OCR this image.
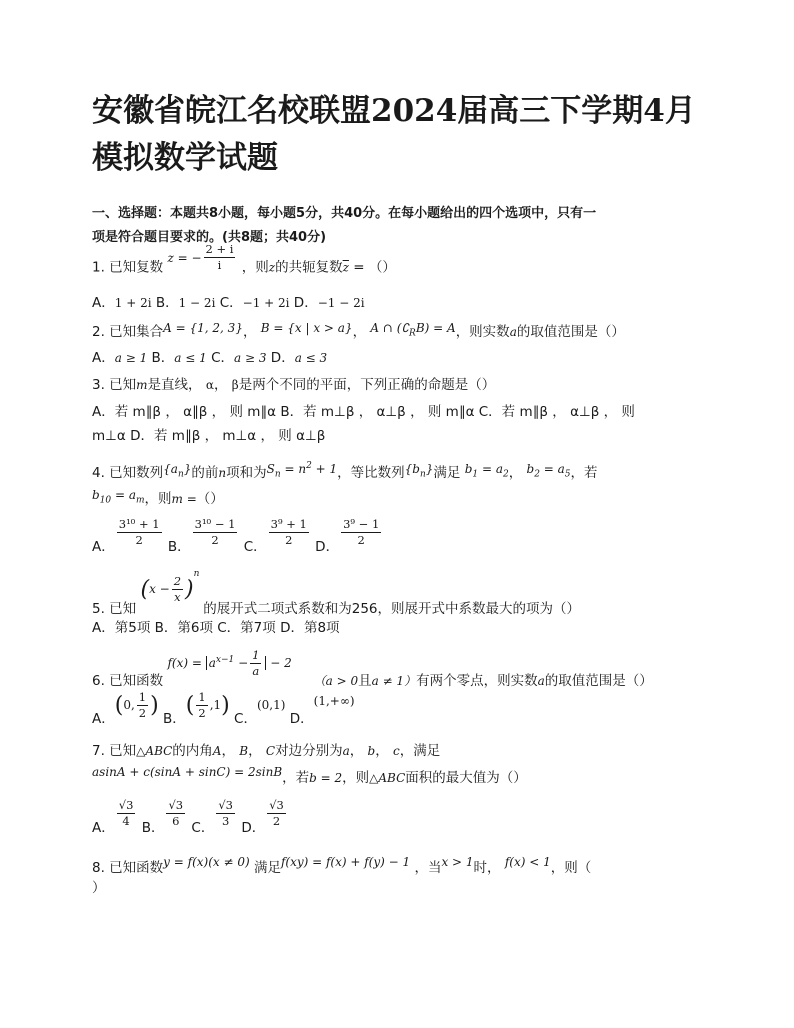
安徽省皖江名校联盟2024届高三下学期4月
模拟数学试题
一、选择题：本题共8小题，每小题5分，共40分。在每小题给出的四个选项中，只有一
项是符合题目要求的。(共8题；共40分)
1. 已知复数 z = − $\frac{2 + i}{i}$ ，则z的共轭复数$\overline{z}$ = （）
A．1 + 2i B．1 − 2i C．−1 + 2i D．−1 − 2i
2. 已知集合A = {1, 2, 3}， B = {x | x > a}， A ∩ $(∁_RB) = A$，则实数a的取值范围是（）
A．a ≥ 1 B．a ≤ 1 C．a ≥ 3 D．a ≤ 3
3. 已知m是直线， α， β是两个不同的平面，下列正确的命题是（）
A．若 m∥β ， α∥β ， 则 m∥α B．若 m⊥β ， α⊥β ， 则 m∥α C．若 m∥β ， α⊥β ， 则
m⊥α D．若 m∥β ， m⊥α ， 则 α⊥β
4. 已知数列$\{a_n\}$的前n项和为$S_n = n^2 + 1$，等比数列$\{b_n\}$满足 $b_1 = a_2$， $b_2 = a_5$，若
$b_{10} = a_m$，则m =（）
A． $\frac{\text{3¹⁰ + 1}}{2}$ B． $\frac{\text{3¹⁰ − 1}}{2}$ C． $\frac{\text{3⁹ + 1}}{2}$ D． $\frac{\text{3⁹ − 1}}{2}$
5. 已知 $(x - \frac{2}{x} )^n$ 的展开式二项式系数和为256，则展开式中系数最大的项为（）
A．第5项 B．第6项 C．第7项 D．第8项
6. 已知函数 $f(x) = a^{x-1} - \frac{1}{a} - 2$ （a > 0且a ≠ 1）有两个零点，则实数a的取值范围是（）
A．(0, $\frac{1}{2}$ ) B．( $\frac{1}{2} ,1$) C．(0,1) D．(1,+∞)
7. 已知△ABC的内角A， B， C对边分别为a， b， c，满足
asinA + c(sinA + sinC) = 2sinB，若b = 2，则△ABC面积的最大值为（）
A． $\frac{√3}{4}$ B． $\frac{√3}{6}$ C． $\frac{√3}{3}$ D． $\frac{√3}{2}$
8. 已知函数y = f(x)(x ≠ 0) 满足f(xy) = f(x) + f(y) − 1 ，当x > 1时， f(x) < 1，则（
）
